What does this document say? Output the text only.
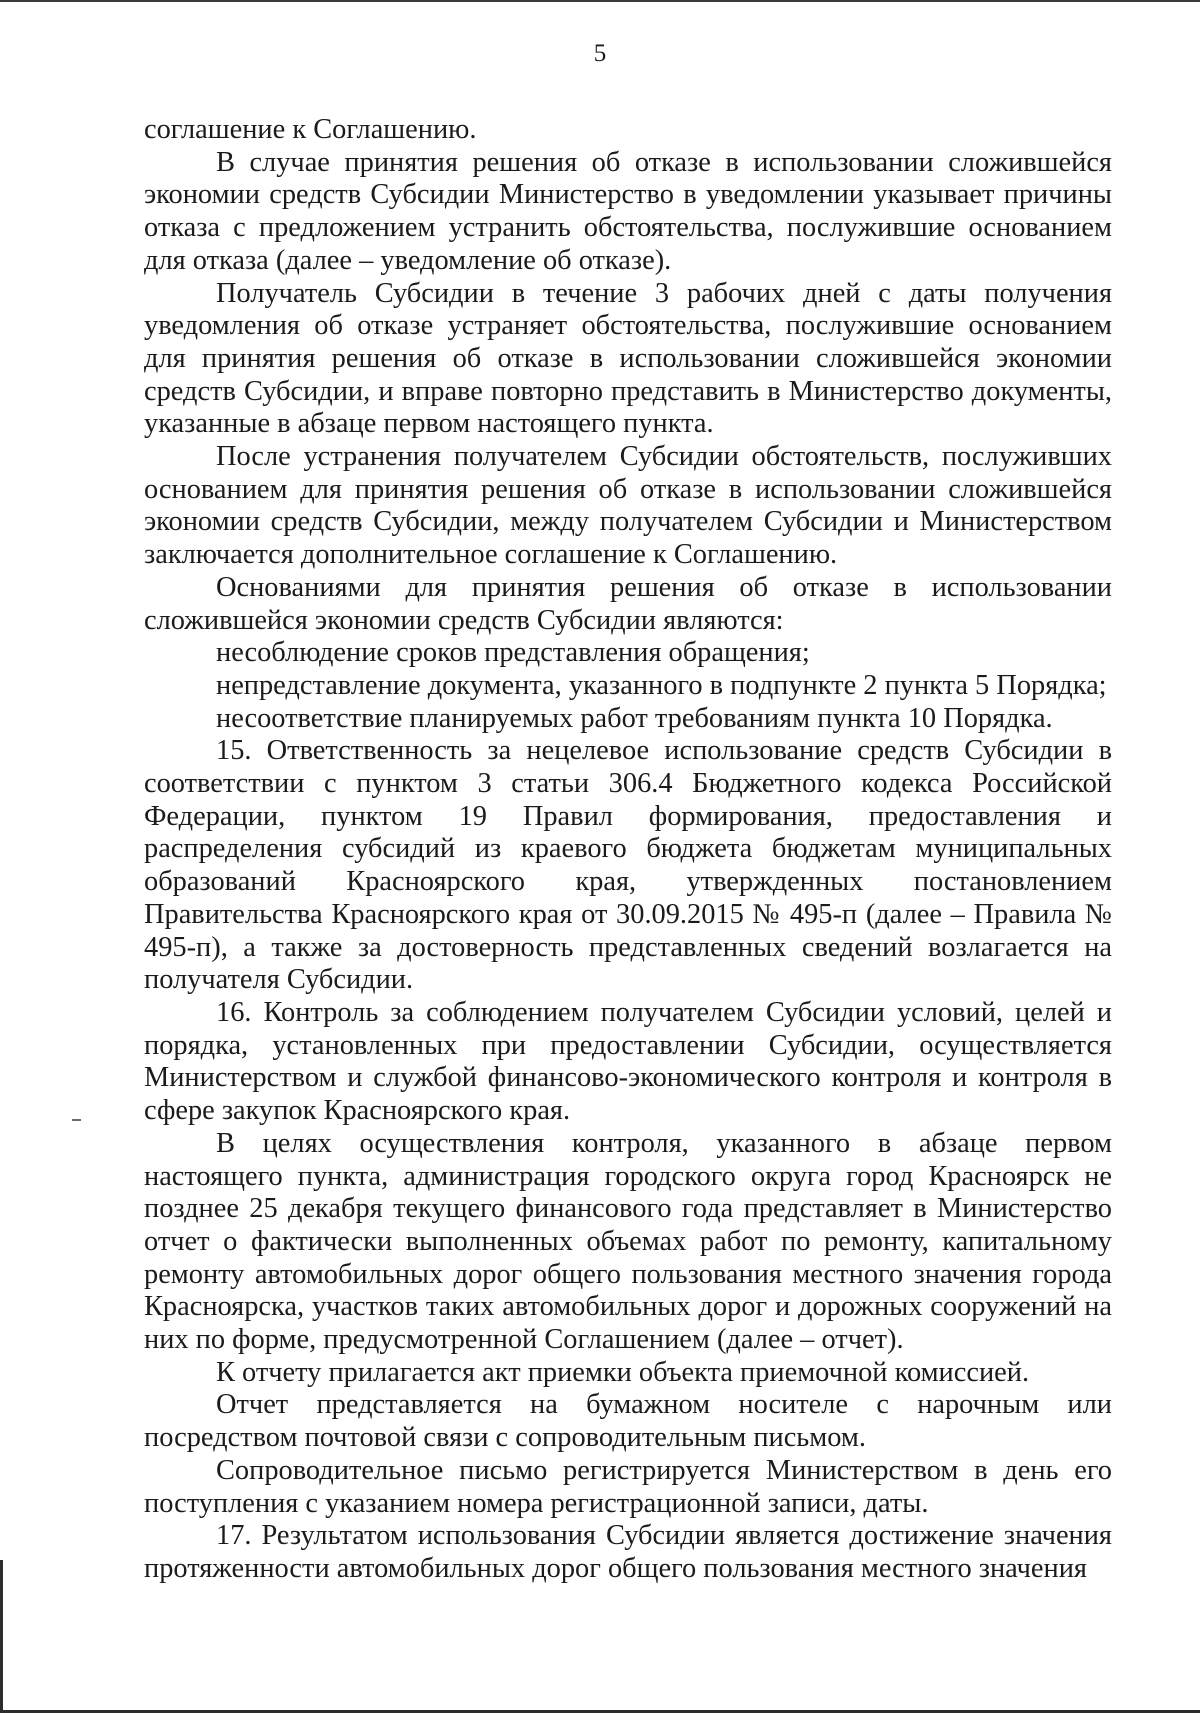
5

соглашение к Соглашению.

В случае принятия решения об отказе в использовании сложившейся экономии средств Субсидии Министерство в уведомлении указывает причины отказа с предложением устранить обстоятельства, послужившие основанием для отказа (далее – уведомление об отказе).

Получатель Субсидии в течение 3 рабочих дней с даты получения уведомления об отказе устраняет обстоятельства, послужившие основанием для принятия решения об отказе в использовании сложившейся экономии средств Субсидии, и вправе повторно представить в Министерство документы, указанные в абзаце первом настоящего пункта.

После устранения получателем Субсидии обстоятельств, послуживших основанием для принятия решения об отказе в использовании сложившейся экономии средств Субсидии, между получателем Субсидии и Министерством заключается дополнительное соглашение к Соглашению.

Основаниями для принятия решения об отказе в использовании сложившейся экономии средств Субсидии являются:

несоблюдение сроков представления обращения;

непредставление документа, указанного в подпункте 2 пункта 5 Порядка;

несоответствие планируемых работ требованиям пункта 10 Порядка.

15. Ответственность за нецелевое использование средств Субсидии в соответствии с пунктом 3 статьи 306.4 Бюджетного кодекса Российской Федерации, пунктом 19 Правил формирования, предоставления и распределения субсидий из краевого бюджета бюджетам муниципальных образований Красноярского края, утвержденных постановлением Правительства Красноярского края от 30.09.2015 № 495-п (далее – Правила № 495-п), а также за достоверность представленных сведений возлагается на получателя Субсидии.

16. Контроль за соблюдением получателем Субсидии условий, целей и порядка, установленных при предоставлении Субсидии, осуществляется Министерством и службой финансово-экономического контроля и контроля в сфере закупок Красноярского края.

В целях осуществления контроля, указанного в абзаце первом настоящего пункта, администрация городского округа город Красноярск не позднее 25 декабря текущего финансового года представляет в Министерство отчет о фактически выполненных объемах работ по ремонту, капитальному ремонту автомобильных дорог общего пользования местного значения города Красноярска, участков таких автомобильных дорог и дорожных сооружений на них по форме, предусмотренной Соглашением (далее – отчет).

К отчету прилагается акт приемки объекта приемочной комиссией.

Отчет представляется на бумажном носителе с нарочным или посредством почтовой связи с сопроводительным письмом.

Сопроводительное письмо регистрируется Министерством в день его поступления с указанием номера регистрационной записи, даты.

17. Результатом использования Субсидии является достижение значения протяженности автомобильных дорог общего пользования местного значения
